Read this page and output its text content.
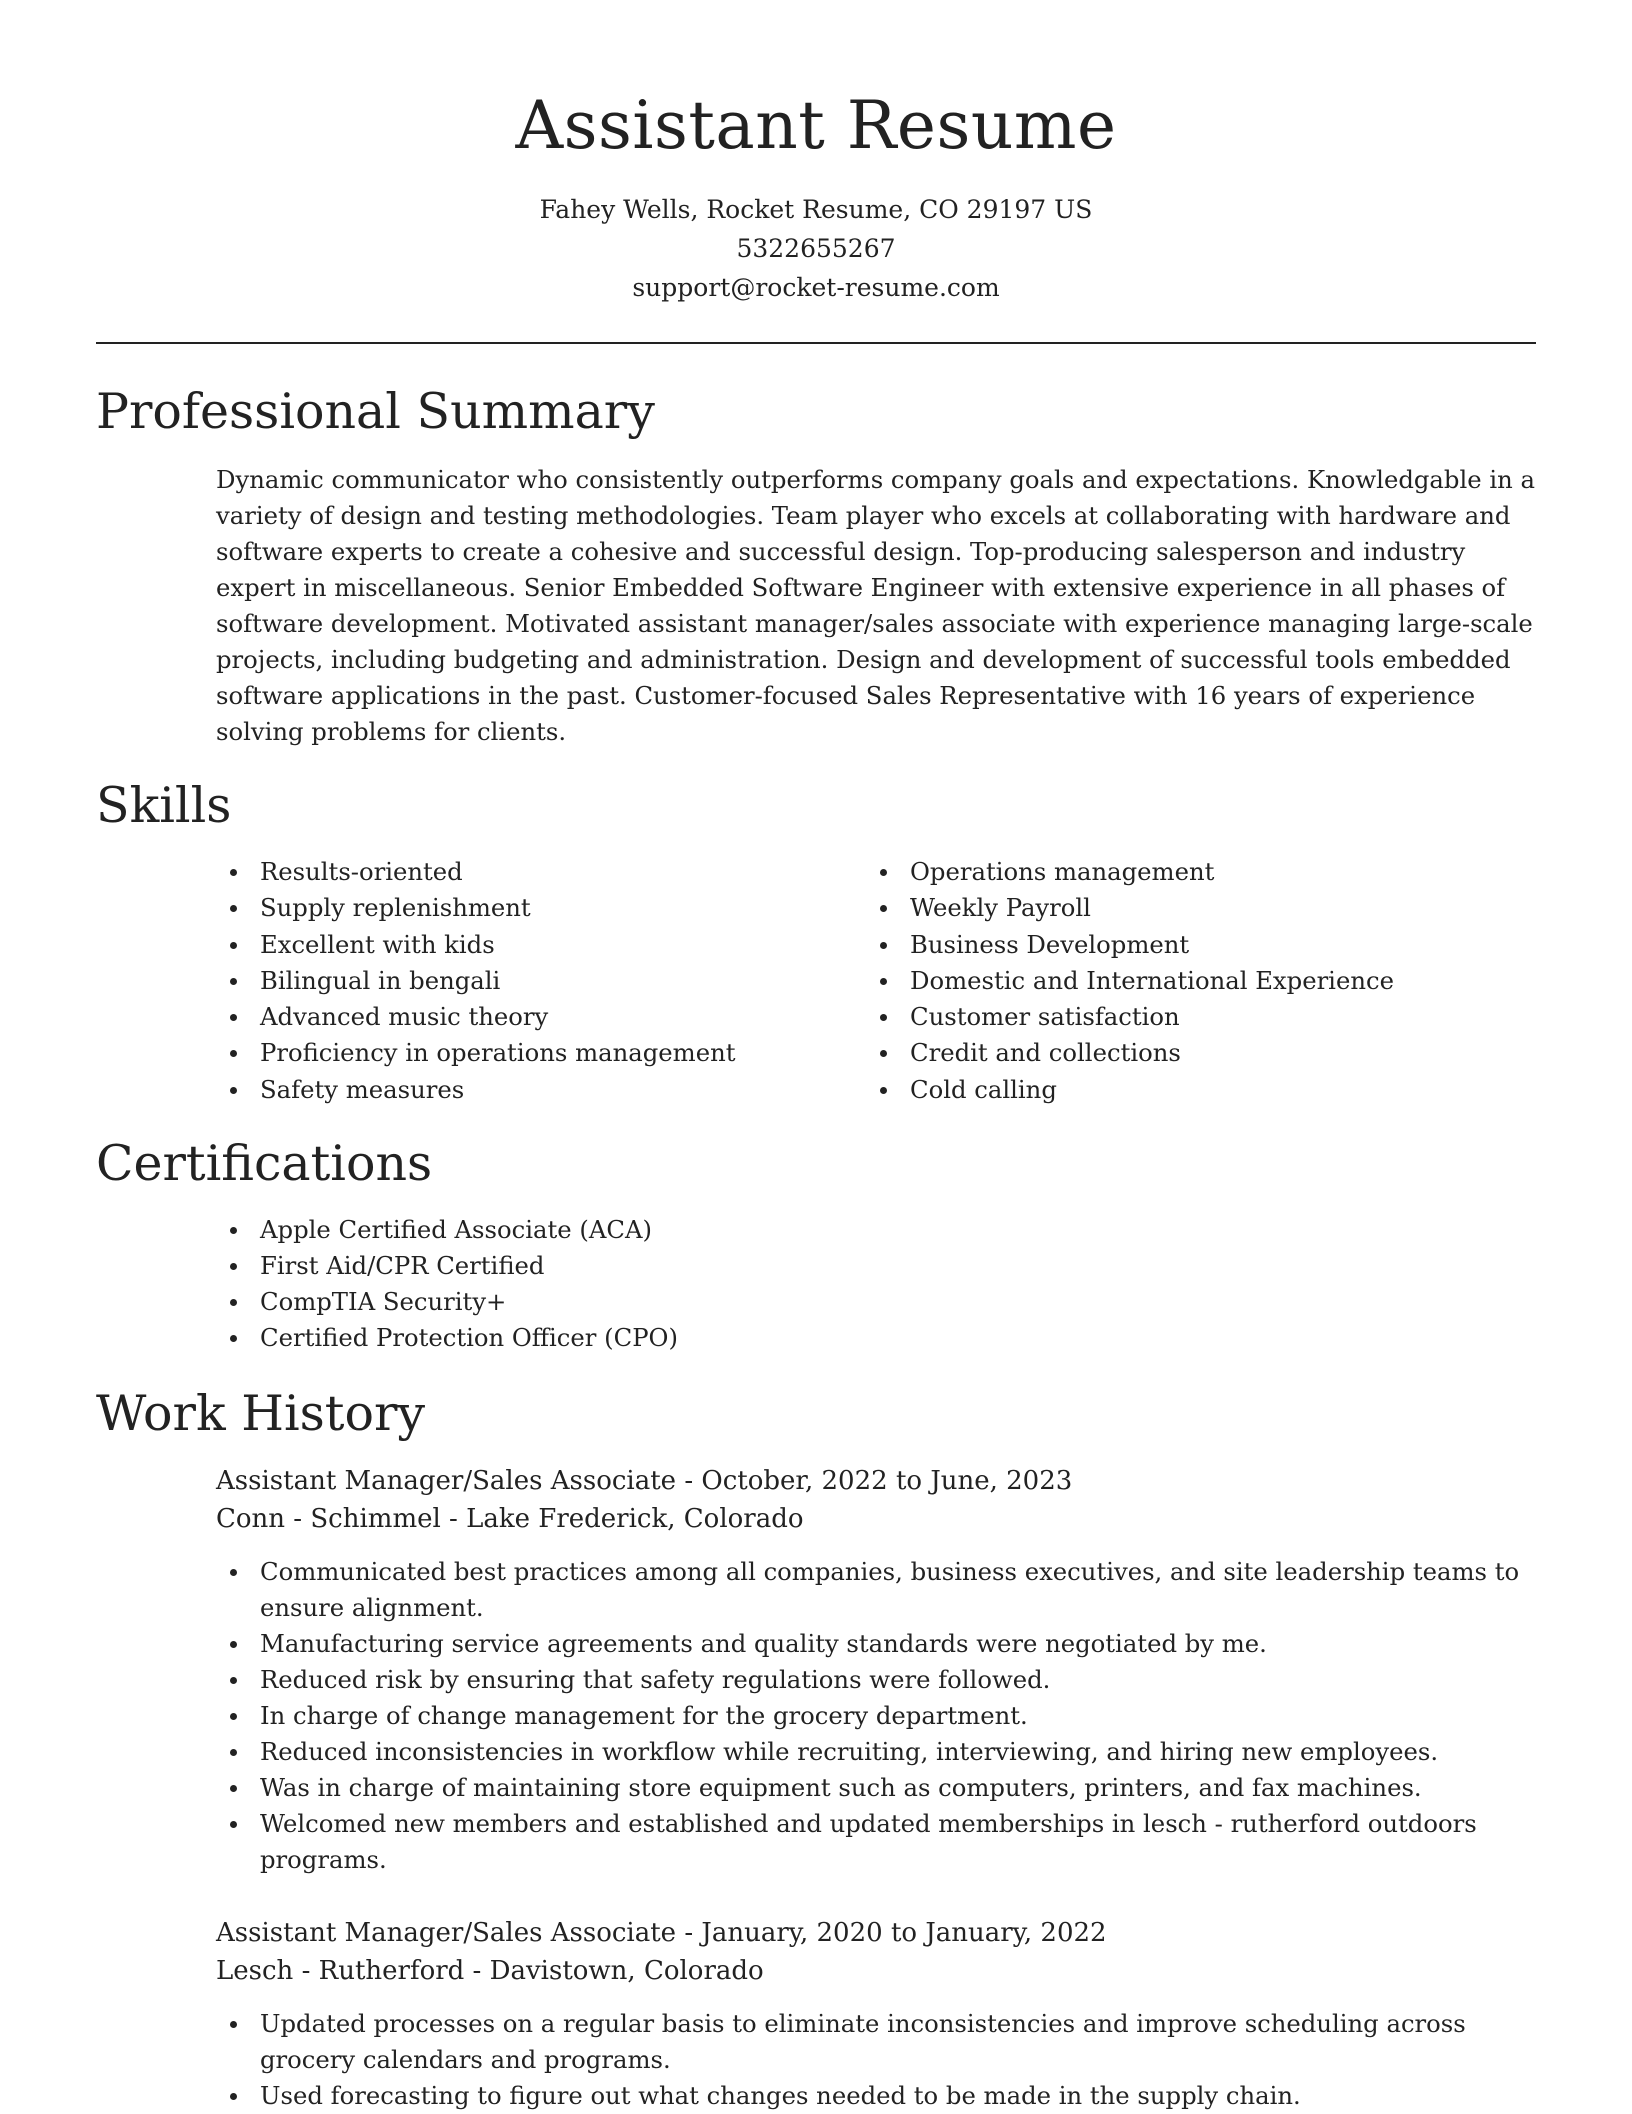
Assistant Resume
Fahey Wells, Rocket Resume, CO 29197 US
5322655267
support@rocket-resume.com
Professional Summary

Dynamic communicator who consistently outperforms company goals and expectations. Knowledgable in a variety of design and testing methodologies. Team player who excels at collaborating with hardware and software experts to create a cohesive and successful design. Top-producing salesperson and industry expert in miscellaneous. Senior Embedded Software Engineer with extensive experience in all phases of software development. Motivated assistant manager/sales associate with experience managing large-scale projects, including budgeting and administration. Design and development of successful tools embedded software applications in the past. Customer-focused Sales Representative with 16 years of experience solving problems for clients.

Skills
Results-oriented
Supply replenishment
Excellent with kids
Bilingual in bengali
Advanced music theory
Proficiency in operations management
Safety measures
Operations management
Weekly Payroll
Business Development
Domestic and International Experience
Customer satisfaction
Credit and collections
Cold calling
Certifications
Apple Certified Associate (ACA)
First Aid/CPR Certified
CompTIA Security+
Certified Protection Officer (CPO)
Work History
Assistant Manager/Sales Associate - October, 2022 to June, 2023
Conn - Schimmel - Lake Frederick, Colorado
Communicated best practices among all companies, business executives, and site leadership teams to ensure alignment.
Manufacturing service agreements and quality standards were negotiated by me.
Reduced risk by ensuring that safety regulations were followed.
In charge of change management for the grocery department.
Reduced inconsistencies in workflow while recruiting, interviewing, and hiring new employees.
Was in charge of maintaining store equipment such as computers, printers, and fax machines.
Welcomed new members and established and updated memberships in lesch - rutherford outdoors programs.
Assistant Manager/Sales Associate - January, 2020 to January, 2022
Lesch - Rutherford - Davistown, Colorado
Updated processes on a regular basis to eliminate inconsistencies and improve scheduling across grocery calendars and programs.
Used forecasting to figure out what changes needed to be made in the supply chain.
